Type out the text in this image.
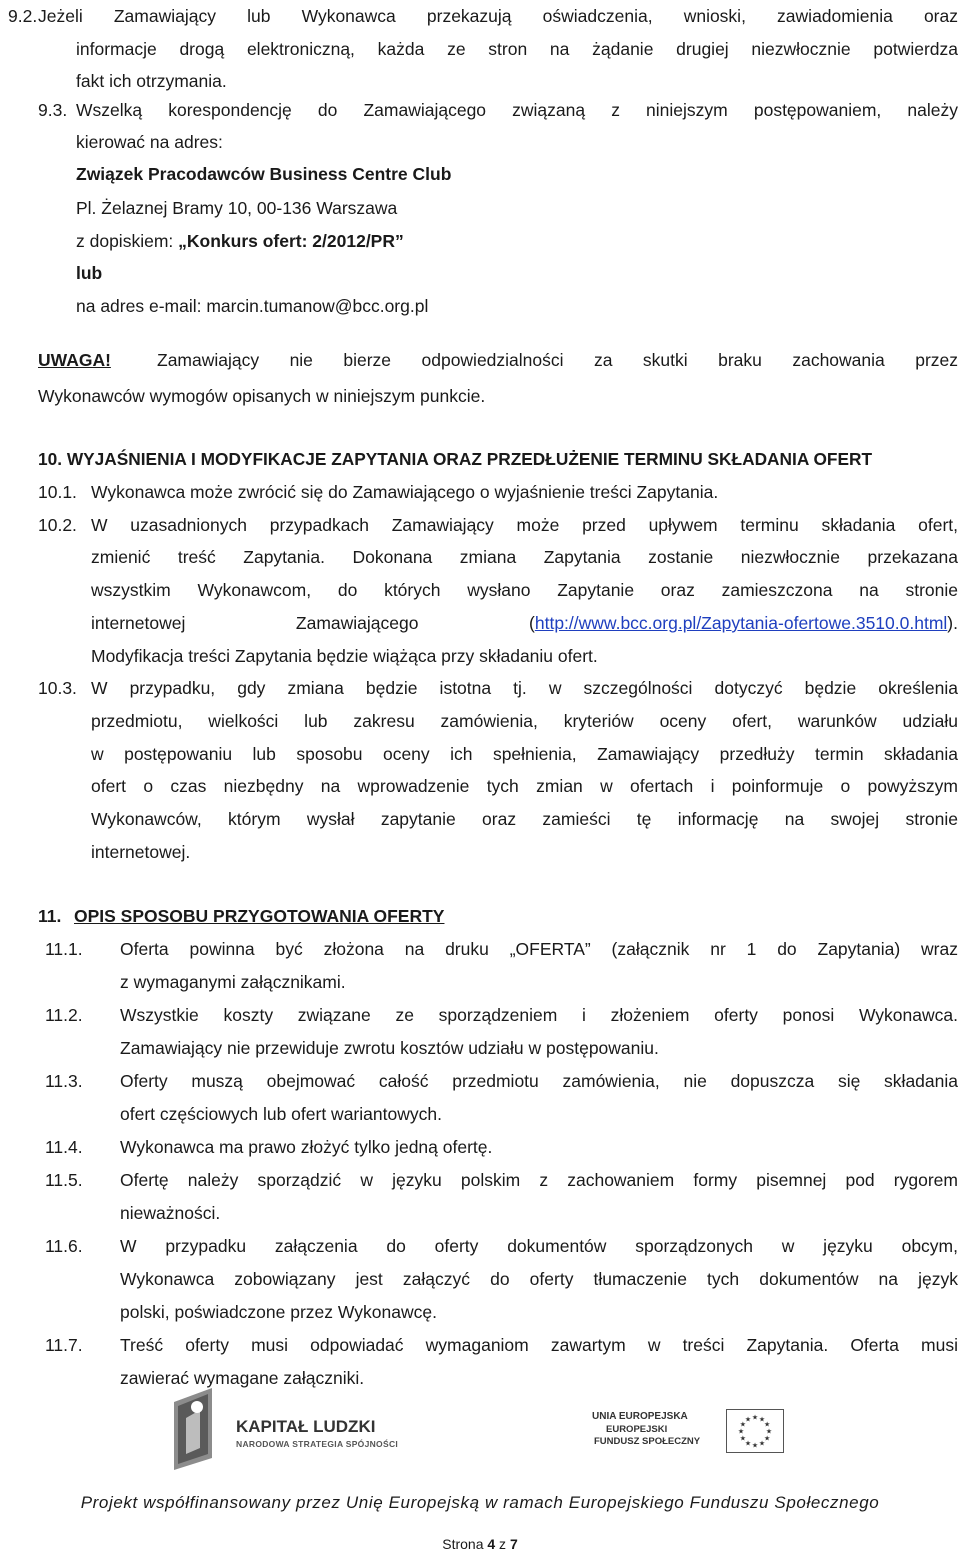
9.2. Jeżeli Zamawiający lub Wykonawca przekazują oświadczenia, wnioski, zawiadomienia oraz
informacje drogą elektroniczną, każda ze stron na żądanie drugiej niezwłocznie potwierdza
fakt ich otrzymania.
9.3. Wszelką korespondencję do Zamawiającego związaną z niniejszym postępowaniem, należy
kierować na adres:
Związek Pracodawców Business Centre Club
Pl. Żelaznej Bramy 10, 00-136 Warszawa
z dopiskiem: „Konkurs ofert: 2/2012/PR”
lub
na adres e-mail: marcin.tumanow@bcc.org.pl
UWAGA!	Zamawiający nie bierze odpowiedzialności za skutki braku zachowania przez
Wykonawców wymogów opisanych w niniejszym punkcie.
10. WYJAŚNIENIA I MODYFIKACJE ZAPYTANIA ORAZ PRZEDŁUŻENIE TERMINU SKŁADANIA OFERT
10.1. Wykonawca może zwrócić się do Zamawiającego o wyjaśnienie treści Zapytania.
10.2. W uzasadnionych przypadkach Zamawiający może przed upływem terminu składania ofert,
zmienić treść Zapytania. Dokonana zmiana Zapytania zostanie niezwłocznie przekazana
wszystkim Wykonawcom, do których wysłano Zapytanie oraz zamieszczona na stronie
internetowej Zamawiającego (http://www.bcc.org.pl/Zapytania-ofertowe.3510.0.html).
Modyfikacja treści Zapytania będzie wiążąca przy składaniu ofert.
10.3. W przypadku, gdy zmiana będzie istotna tj. w szczególności dotyczyć będzie określenia
przedmiotu, wielkości lub zakresu zamówienia, kryteriów oceny ofert, warunków udziału
w postępowaniu lub sposobu oceny ich spełnienia, Zamawiający przedłuży termin składania
ofert o czas niezbędny na wprowadzenie tych zmian w ofertach i poinformuje o powyższym
Wykonawców, którym wysłał zapytanie oraz zamieści tę informację na swojej stronie
internetowej.
11. OPIS SPOSOBU PRZYGOTOWANIA OFERTY
11.1. Oferta powinna być złożona na druku „OFERTA” (załącznik nr 1 do Zapytania) wraz
z wymaganymi załącznikami.
11.2. Wszystkie koszty związane ze sporządzeniem i złożeniem oferty ponosi Wykonawca.
Zamawiający nie przewiduje zwrotu kosztów udziału w postępowaniu.
11.3. Oferty muszą obejmować całość przedmiotu zamówienia, nie dopuszcza się składania
ofert częściowych lub ofert wariantowych.
11.4. Wykonawca ma prawo złożyć tylko jedną ofertę.
11.5. Ofertę należy sporządzić w języku polskim z zachowaniem formy pisemnej pod rygorem
nieważności.
11.6. W przypadku załączenia do oferty dokumentów sporządzonych w języku obcym,
Wykonawca zobowiązany jest załączyć do oferty tłumaczenie tych dokumentów na język
polski, poświadczone przez Wykonawcę.
11.7. Treść oferty musi odpowiadać wymaganiom zawartym w treści Zapytania. Oferta musi
zawierać wymagane załączniki.
KAPITAŁ LUDZKI
NARODOWA STRATEGIA SPÓJNOŚCI
UNIA EUROPEJSKA
EUROPEJSKI
FUNDUSZ SPOŁECZNY
★ ★
★
★
★
★
★
★
★
★
★
★
Projekt współfinansowany przez Unię Europejską w ramach Europejskiego Funduszu Społecznego
Strona 4 z 7
